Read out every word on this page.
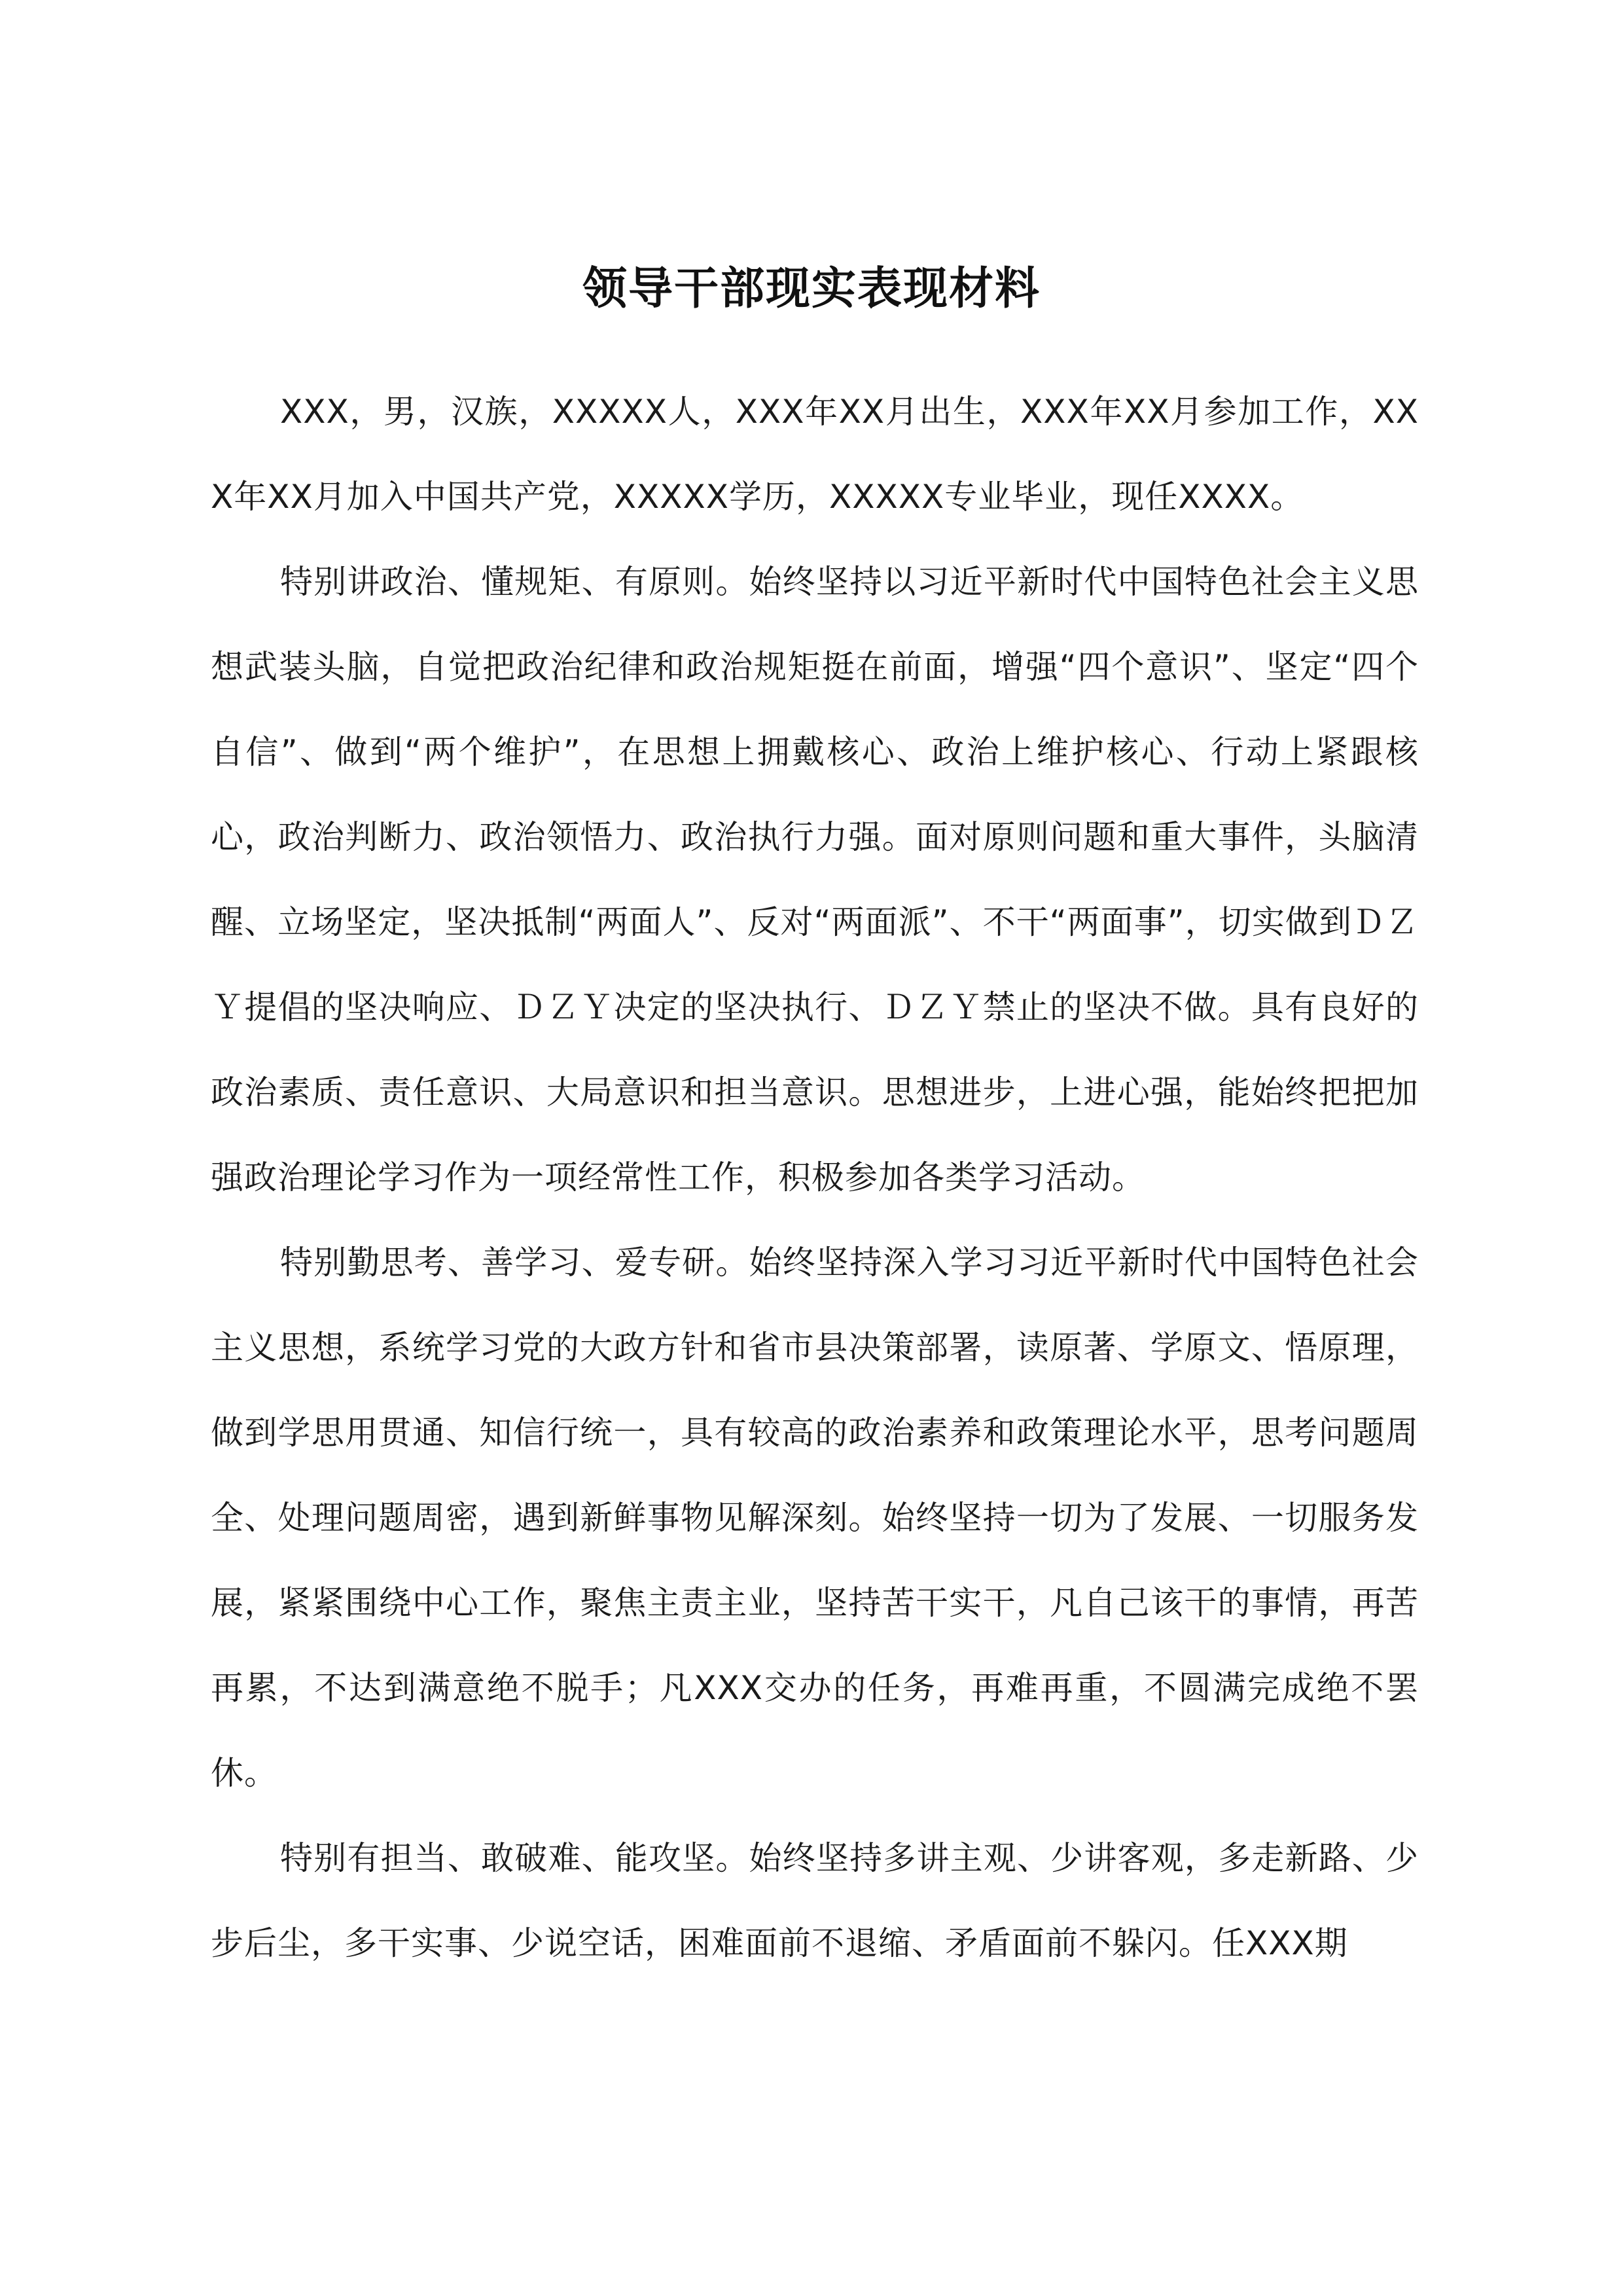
领导干部现实表现材料

XXX，男，汉族，XXXXX人，XXX年XX月出生，XXX年XX月参加工作，XXX年XX月加入中国共产党，XXXXX学历，XXXXX专业毕业，现任XXXX。

特别讲政治、懂规矩、有原则。始终坚持以习近平新时代中国特色社会主义思想武装头脑，自觉把政治纪律和政治规矩挺在前面，增强“四个意识”、坚定“四个自信”、做到“两个维护”，在思想上拥戴核心、政治上维护核心、行动上紧跟核心，政治判断力、政治领悟力、政治执行力强。面对原则问题和重大事件，头脑清醒、立场坚定，坚决抵制“两面人”、反对“两面派”、不干“两面事”，切实做到ＤＺＹ提倡的坚决响应、ＤＺＹ决定的坚决执行、ＤＺＹ禁止的坚决不做。具有良好的政治素质、责任意识、大局意识和担当意识。思想进步，上进心强，能始终把把加强政治理论学习作为一项经常性工作，积极参加各类学习活动。

特别勤思考、善学习、爱专研。始终坚持深入学习习近平新时代中国特色社会主义思想，系统学习党的大政方针和省市县决策部署，读原著、学原文、悟原理，做到学思用贯通、知信行统一，具有较高的政治素养和政策理论水平，思考问题周全、处理问题周密，遇到新鲜事物见解深刻。始终坚持一切为了发展、一切服务发展，紧紧围绕中心工作，聚焦主责主业，坚持苦干实干，凡自己该干的事情，再苦再累，不达到满意绝不脱手；凡XXX交办的任务，再难再重，不圆满完成绝不罢休。

特别有担当、敢破难、能攻坚。始终坚持多讲主观、少讲客观，多走新路、少步后尘，多干实事、少说空话，困难面前不退缩、矛盾面前不躲闪。任XXX期
